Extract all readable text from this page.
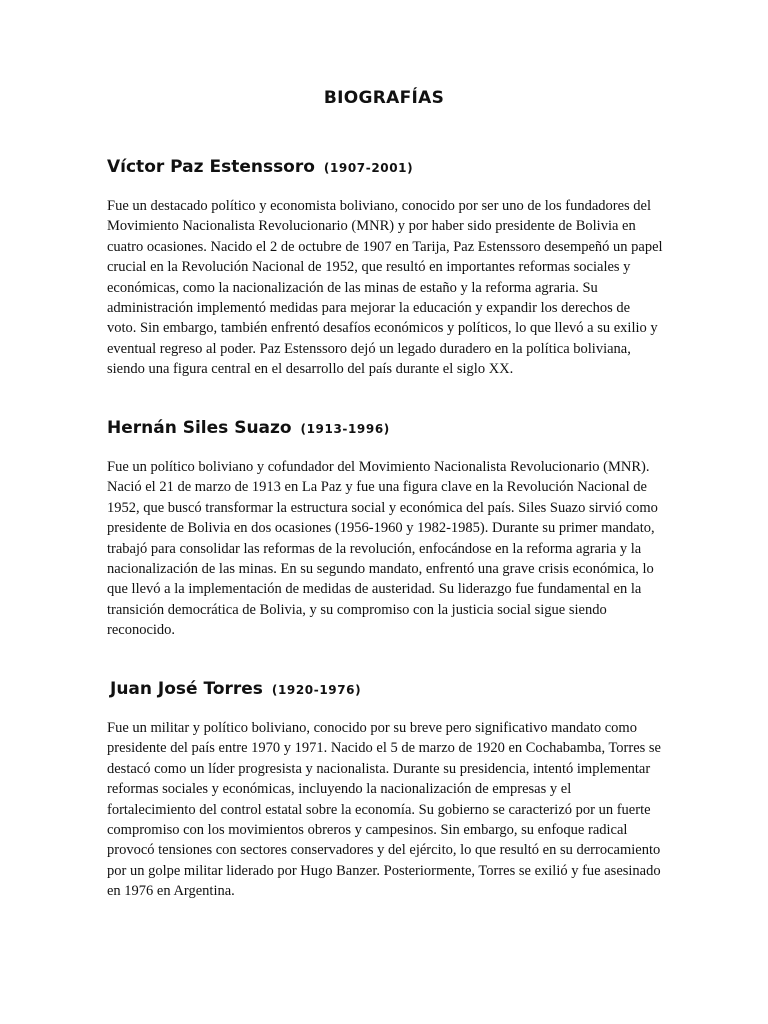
BIOGRAFÍAS
Víctor Paz Estenssoro (1907-2001)

Fue un destacado político y economista boliviano, conocido por ser uno de los fundadores del Movimiento Nacionalista Revolucionario (MNR) y por haber sido presidente de Bolivia en cuatro ocasiones. Nacido el 2 de octubre de 1907 en Tarija, Paz Estenssoro desempeñó un papel crucial en la Revolución Nacional de 1952, que resultó en importantes reformas sociales y económicas, como la nacionalización de las minas de estaño y la reforma agraria. Su administración implementó medidas para mejorar la educación y expandir los derechos de voto. Sin embargo, también enfrentó desafíos económicos y políticos, lo que llevó a su exilio y eventual regreso al poder. Paz Estenssoro dejó un legado duradero en la política boliviana, siendo una figura central en el desarrollo del país durante el siglo XX.

Hernán Siles Suazo (1913-1996)

Fue un político boliviano y cofundador del Movimiento Nacionalista Revolucionario (MNR). Nació el 21 de marzo de 1913 en La Paz y fue una figura clave en la Revolución Nacional de 1952, que buscó transformar la estructura social y económica del país. Siles Suazo sirvió como presidente de Bolivia en dos ocasiones (1956-1960 y 1982-1985). Durante su primer mandato, trabajó para consolidar las reformas de la revolución, enfocándose en la reforma agraria y la nacionalización de las minas. En su segundo mandato, enfrentó una grave crisis económica, lo que llevó a la implementación de medidas de austeridad. Su liderazgo fue fundamental en la transición democrática de Bolivia, y su compromiso con la justicia social sigue siendo reconocido.

Juan José Torres (1920-1976)

Fue un militar y político boliviano, conocido por su breve pero significativo mandato como presidente del país entre 1970 y 1971. Nacido el 5 de marzo de 1920 en Cochabamba, Torres se destacó como un líder progresista y nacionalista. Durante su presidencia, intentó implementar reformas sociales y económicas, incluyendo la nacionalización de empresas y el fortalecimiento del control estatal sobre la economía. Su gobierno se caracterizó por un fuerte compromiso con los movimientos obreros y campesinos. Sin embargo, su enfoque radical provocó tensiones con sectores conservadores y del ejército, lo que resultó en su derrocamiento por un golpe militar liderado por Hugo Banzer. Posteriormente, Torres se exilió y fue asesinado en 1976 en Argentina.
